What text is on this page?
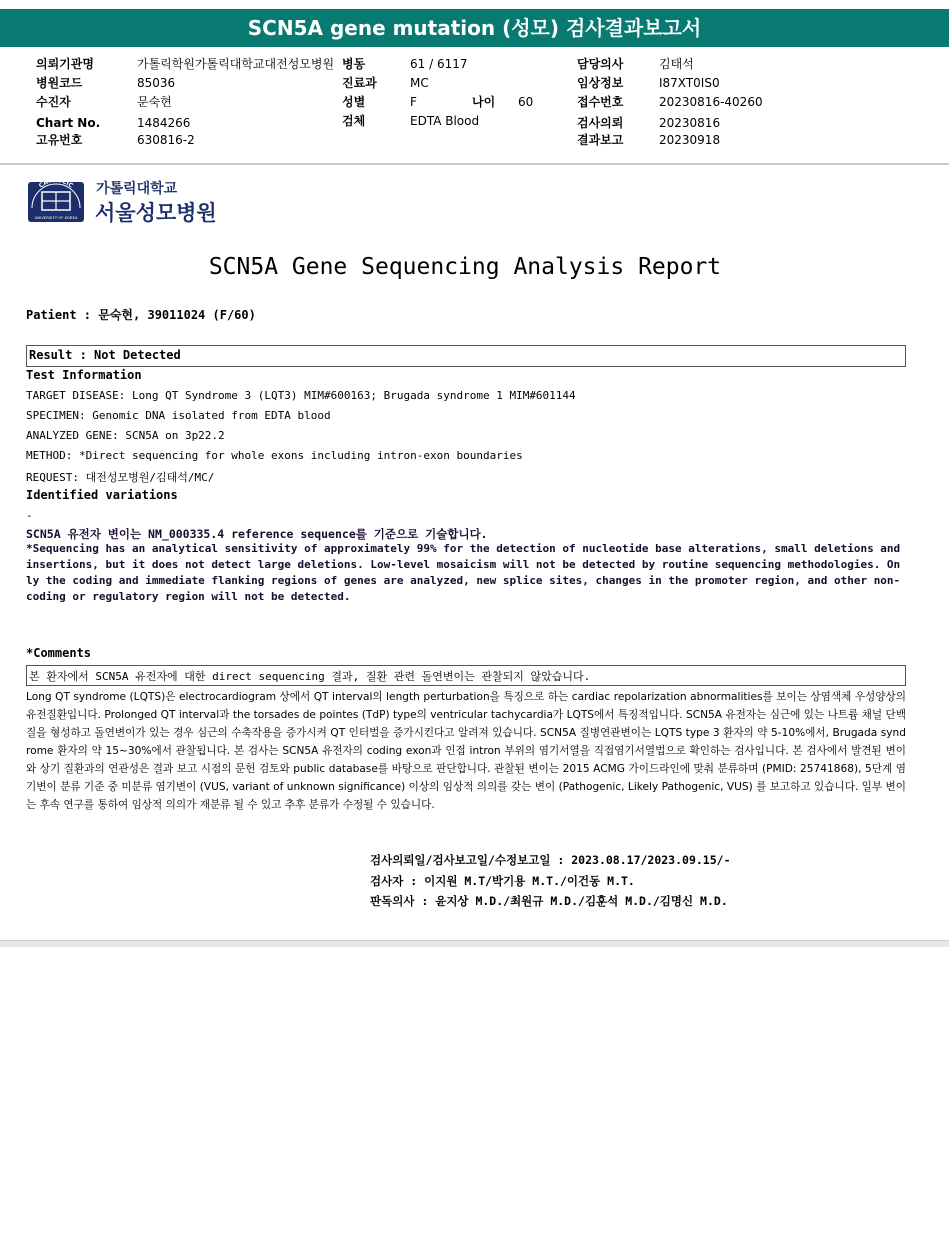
SCN5A gene mutation (성모) 검사결과보고서
의뢰기관명	가톨릭학원가톨릭대학교대전성모병원 병동	61 / 6117	담당의사	김태석
병원코드	85036	진료과	MC	임상정보	I87XT0IS0
수진자	문숙현	성별	F	나이 60	접수번호	20230816-40260
Chart No.	1484266	검체	EDTA Blood	검사의뢰	20230816
고유번호	630816-2	결과보고	20230918
CATHOLIC
UNIVERSITY OF KOREA
가톨릭대학교
서울성모병원
SCN5A Gene Sequencing Analysis Report
Patient : 문숙현, 39011024 (F/60)
Result : Not Detected
Test Information
TARGET DISEASE: Long QT Syndrome 3 (LQT3) MIM#600163; Brugada syndrome 1 MIM#601144
SPECIMEN: Genomic DNA isolated from EDTA blood
ANALYZED GENE: SCN5A on 3p22.2
METHOD: *Direct sequencing for whole exons including intron-exon boundaries
REQUEST: 대전성모병원/김태석/MC/
Identified variations
-
SCN5A 유전자 변이는 NM_000335.4 reference sequence를 기준으로 기술합니다.
*Sequencing has an analytical sensitivity of approximately 99% for the detection of nucleotide base alterations, small deletions and insertions, but it does not detect large deletions. Low-level mosaicism will not be detected by routine sequencing methodologies. Only the coding and immediate flanking regions of genes are analyzed, new splice sites, changes in the promoter region, and other non-coding or regulatory region will not be detected.
*Comments
본 환자에서 SCN5A 유전자에 대한 direct sequencing 결과, 질환 관련 돌연변이는 관찰되지 않았습니다.
Long QT syndrome (LQTS)은 electrocardiogram 상에서 QT interval의 length perturbation을 특징으로 하는 cardiac repolarization abnormalities를 보이는 상염색체 우성양상의 유전질환입니다. Prolonged QT interval과 the torsades de pointes (TdP) type의 ventricular tachycardia가 LQTS에서 특징적입니다. SCN5A 유전자는 심근에 있는 나트륨 채널 단백질을 형성하고 돌연변이가 있는 경우 심근의 수축작용을 증가시켜 QT 인터벌을 증가시킨다고 알려져 있습니다. SCN5A 질병연관변이는 LQTS type 3 환자의 약 5-10%에서, Brugada syndrome 환자의 약 15~30%에서 관찰됩니다. 본 검사는 SCN5A 유전자의 coding exon과 인접 intron 부위의 염기서열을 직접염기서열법으로 확인하는 검사입니다. 본 검사에서 발견된 변이와 상기 질환과의 연관성은 결과 보고 시점의 문헌 검토와 public database를 바탕으로 판단합니다. 관찰된 변이는 2015 ACMG 가이드라인에 맞춰 분류하며 (PMID: 25741868), 5단계 염기변이 분류 기준 중 미분류 염기변이 (VUS, variant of unknown significance) 이상의 임상적 의의를 갖는 변이 (Pathogenic, Likely Pathogenic, VUS) 를 보고하고 있습니다. 일부 변이는 후속 연구를 통하여 임상적 의의가 재분류 될 수 있고 추후 분류가 수정될 수 있습니다.
검사의뢰일/검사보고일/수정보고일 : 2023.08.17/2023.09.15/-
검사자 : 이지원 M.T/박기용 M.T./이건동 M.T.
판독의사 : 윤지상 M.D./최원규 M.D./김훈석 M.D./김명신 M.D.
